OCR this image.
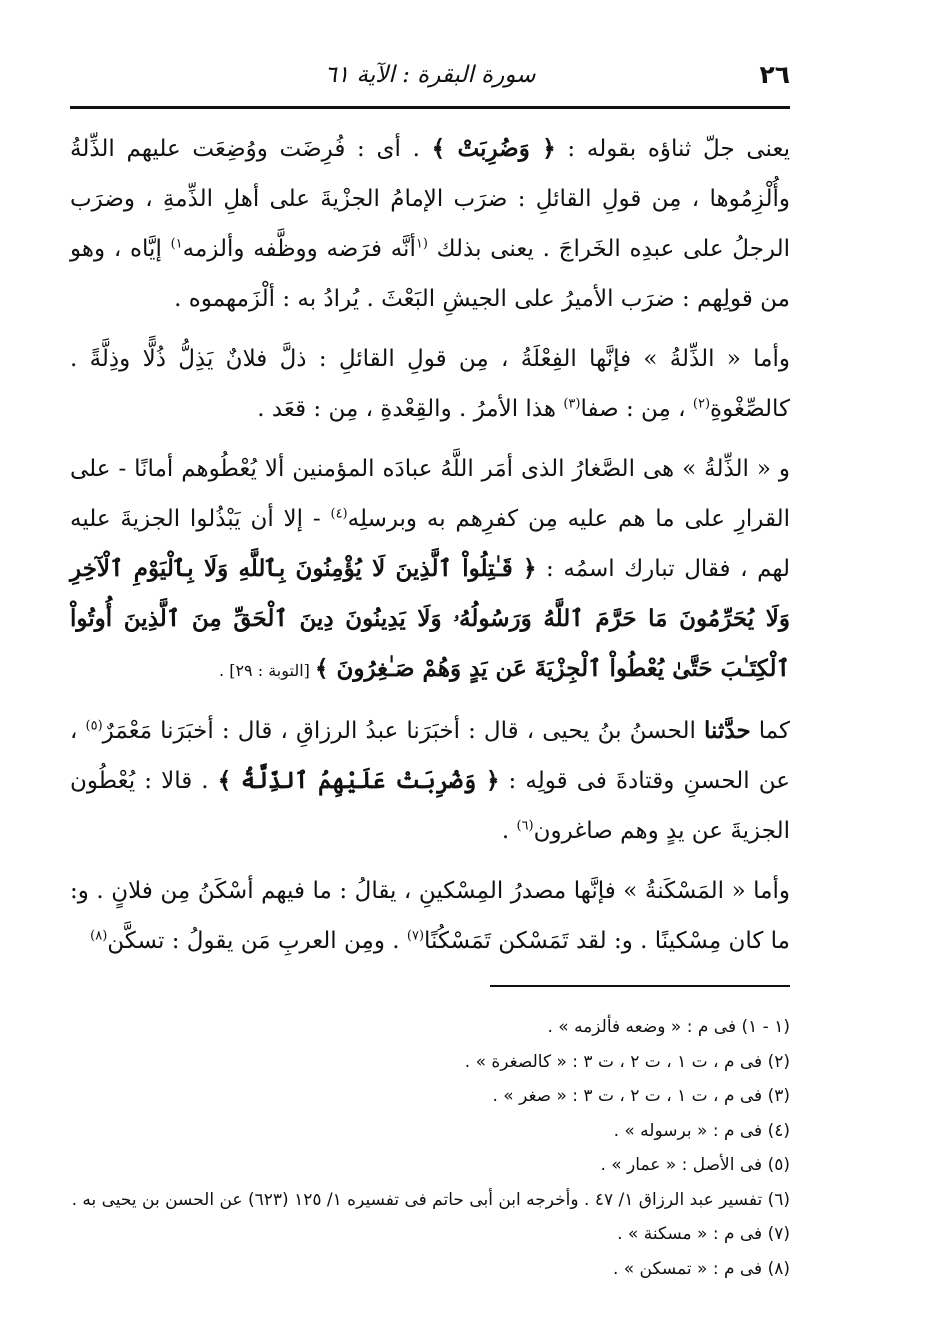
سورة البقرة : الآية ٦١	٢٦

يعنى جلّ ثناؤه بقوله : ﴿ وَضُرِبَتْ ﴾ . أى : فُرِضَت ووُضِعَت عليهم الذِّلةُ وأُلْزِمُوها ، مِن قولِ القائلِ : ضرَب الإمامُ الجزْيةَ على أهلِ الذِّمةِ ، وضرَب الرجلُ على عبدِه الخَراجَ . يعنى بذلك $^{(١}$أنَّه فرَضه ووظَّفه وألزمه$^{١)}$ إيَّاه ، وهو من قولِهم : ضرَب الأميرُ على الجيشِ البَعْثَ . يُرادُ به : ألْزَمهموه .

وأما « الذِّلةُ » فإنَّها الفِعْلَةُ ، مِن قولِ القائلِ : ذلَّ فلانٌ يَذِلُّ ذُلًّا وذِلَّةً . كالصِّغْوةِ$^{(٢)}$ ، مِن : صفا$^{(٣)}$ هذا الأمرُ . والقِعْدةِ ، مِن : قعَد .

و « الذِّلةُ » هى الصَّغارُ الذى أمَر اللَّهُ عبادَه المؤمنين ألا يُعْطُوهم أمانًا - على القرارِ على ما هم عليه مِن كفرِهم به وبرسلِه$^{(٤)}$ - إلا أن يَبْذُلوا الجزيةَ عليه لهم ، فقال تبارك اسمُه : ﴿ قَـٰتِلُواْ ٱلَّذِينَ لَا يُؤْمِنُونَ بِٱللَّهِ وَلَا بِٱلْيَوْمِ ٱلْآخِرِ وَلَا يُحَرِّمُونَ مَا حَرَّمَ ٱللَّهُ وَرَسُولُهُۥ وَلَا يَدِينُونَ دِينَ ٱلْحَقِّ مِنَ ٱلَّذِينَ أُوتُواْ ٱلْكِتَـٰبَ حَتَّىٰ يُعْطُواْ ٱلْجِزْيَةَ عَن يَدٍ وَهُمْ صَـٰغِرُونَ ﴾ [التوبة : ٢٩] .

كما حدَّثنا الحسنُ بنُ يحيى ، قال : أخبَرَنا عبدُ الرزاقِ ، قال : أخبَرَنا مَعْمَرٌ$^{(٥)}$ ، عن الحسنِ وقتادةَ فى قولِه : ﴿ وَضُرِبَتْ عَلَيْهِمُ ٱلذِّلَّةُ ﴾ . قالا : يُعْطُون الجزيةَ عن يدٍ وهم صاغرون$^{(٦)}$ .

وأما « المَسْكَنةُ » فإنَّها مصدرُ المِسْكينِ ، يقالُ : ما فيهم أسْكَنُ مِن فلانٍ . و: ما كان مِسْكينًا . و: لقد تَمَسْكن تَمَسْكُنًا$^{(٧)}$ . ومِن العربِ مَن يقولُ : تسكَّن$^{(٨)}$

(١ - ١) فى م : « وضعه فألزمه » .

(٢) فى م ، ت ١ ، ت ٢ ، ت ٣ : « كالصغرة » .

(٣) فى م ، ت ١ ، ت ٢ ، ت ٣ : « صغر » .

(٤) فى م : « برسوله » .

(٥) فى الأصل : « عمار » .

(٦) تفسير عبد الرزاق ١/ ٤٧ . وأخرجه ابن أبى حاتم فى تفسيره ١/ ١٢٥ (٦٢٣) عن الحسن بن يحيى به .

(٧) فى م : « مسكنة » .

(٨) فى م : « تمسكن » .
